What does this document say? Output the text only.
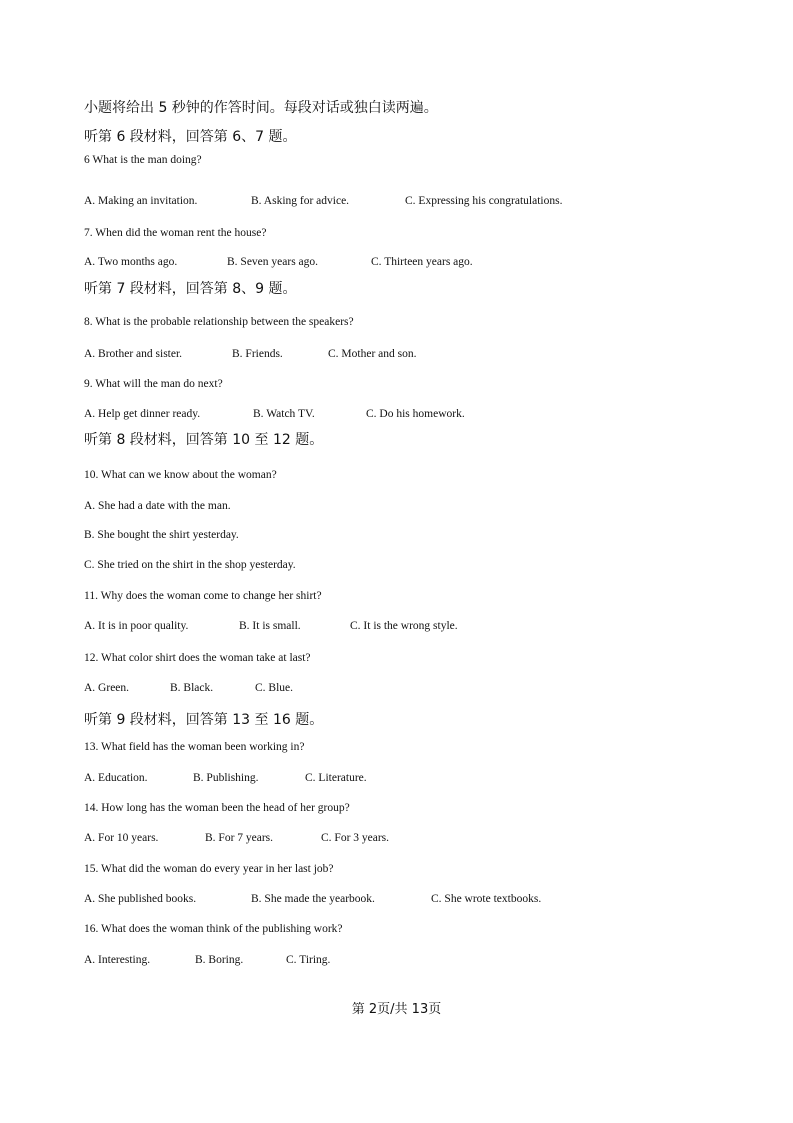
小题将给出 5 秒钟的作答时间。每段对话或独白读两遍。
听第 6 段材料，回答第 6、7 题。
6 What is the man doing?
A. Making an invitation.	B. Asking for advice.	C. Expressing his congratulations.
7. When did the woman rent the house?
A. Two months ago.	B. Seven years ago.	C. Thirteen years ago.
听第 7 段材料，回答第 8、9 题。
8. What is the probable relationship between the speakers?
A. Brother and sister.	B. Friends.	C. Mother and son.
9. What will the man do next?
A. Help get dinner ready.	B. Watch TV.	C. Do his homework.
听第 8 段材料，回答第 10 至 12 题。
10. What can we know about the woman?
A. She had a date with the man.
B. She bought the shirt yesterday.
C. She tried on the shirt in the shop yesterday.
11. Why does the woman come to change her shirt?
A. It is in poor quality.	B. It is small.	C. It is the wrong style.
12. What color shirt does the woman take at last?
A. Green.	B. Black.	C. Blue.
听第 9 段材料，回答第 13 至 16 题。
13. What field has the woman been working in?
A. Education.	B. Publishing.	C. Literature.
14. How long has the woman been the head of her group?
A. For 10 years.	B. For 7 years.	C. For 3 years.
15. What did the woman do every year in her last job?
A. She published books.	B. She made the yearbook.	C. She wrote textbooks.
16. What does the woman think of the publishing work?
A. Interesting.	B. Boring.	C. Tiring.
第 2页/共 13页
